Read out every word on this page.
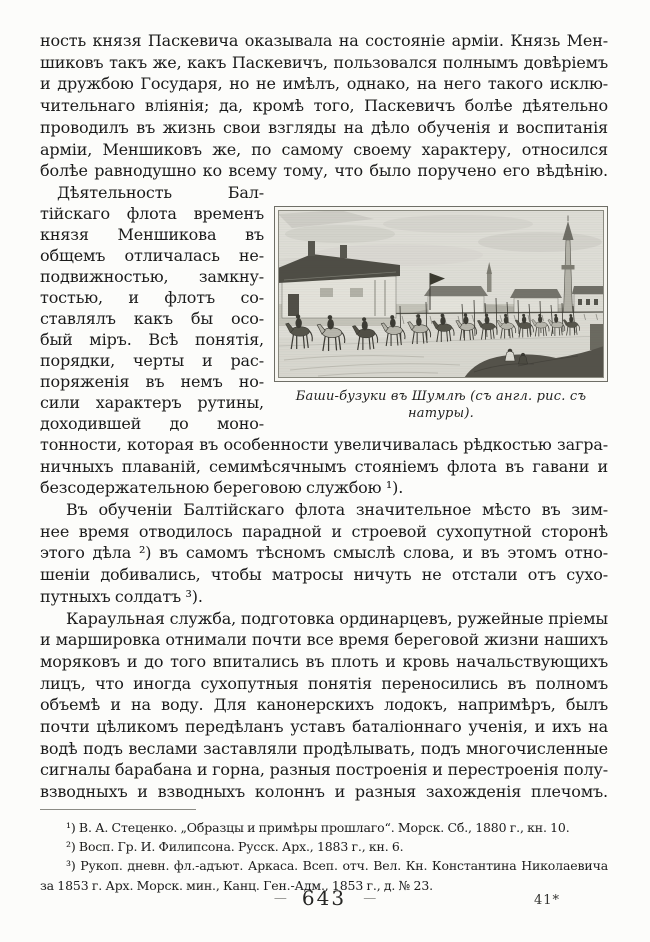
ность князя Паскевича оказывала на состояніе арміи. Князь Мен-
шиковъ такъ же, какъ Паскевичъ, пользовался полнымъ довѣріемъ
и дружбою Государя, но не имѣлъ, однако, на него такого исклю-
чительнаго вліянія; да, кромѣ того, Паскевичъ болѣе дѣятельно
проводилъ въ жизнь свои взгляды на дѣло обученія и воспитанія
арміи, Меншиковъ же, по самому своему характеру, относился
болѣе равнодушно ко всему тому, что было поручено его вѣдѣнію.
Дѣятельность Бал-
тійскаго флота временъ
князя Меншикова въ
общемъ отличалась не-
подвижностью, замкну-
тостью, и флотъ со-
ставлялъ какъ бы осо-
бый міръ. Всѣ понятія,
порядки, черты и рас-
поряженія въ немъ но-
сили характеръ рутины,
доходившей до моно-
Баши-бузуки въ Шумлѣ (съ англ. рис. съ натуры).
тонности, которая въ особенности увеличивалась рѣдкостью загра-
ничныхъ плаваній, семимѣсячнымъ стояніемъ флота въ гавани и
безсодержательною береговою службою ¹).
Въ обученіи Балтійскаго флота значительное мѣсто въ зим-
нее время отводилось парадной и строевой сухопутной сторонѣ
этого дѣла ²) въ самомъ тѣсномъ смыслѣ слова, и въ этомъ отно-
шеніи добивались, чтобы матросы ничуть не отстали отъ сухо-
путныхъ солдатъ ³).
Караульная служба, подготовка ординарцевъ, ружейные пріемы
и маршировка отнимали почти все время береговой жизни нашихъ
моряковъ и до того впитались въ плоть и кровь начальствующихъ
лицъ, что иногда сухопутныя понятія переносились въ полномъ
объемѣ и на воду. Для канонерскихъ лодокъ, напримѣръ, былъ
почти цѣликомъ передѣланъ уставъ баталіоннаго ученія, и ихъ на
водѣ подъ веслами заставляли продѣлывать, подъ многочисленные
сигналы барабана и горна, разныя построенія и перестроенія полу-
взводныхъ и взводныхъ колоннъ и разныя захожденія плечомъ.
¹) В. А. Стеценко. „Образцы и примѣры прошлаго“. Морск. Сб., 1880 г., кн. 10.
²) Восп. Гр. И. Филипсона. Русск. Арх., 1883 г., кн. 6.
³) Рукоп. дневн. фл.-адъют. Аркаса. Всеп. отч. Вел. Кн. Константина Николаевича
за 1853 г. Арх. Морск. мин., Канц. Ген.-Адм., 1853 г., д. № 23.
— 643 —	41*
